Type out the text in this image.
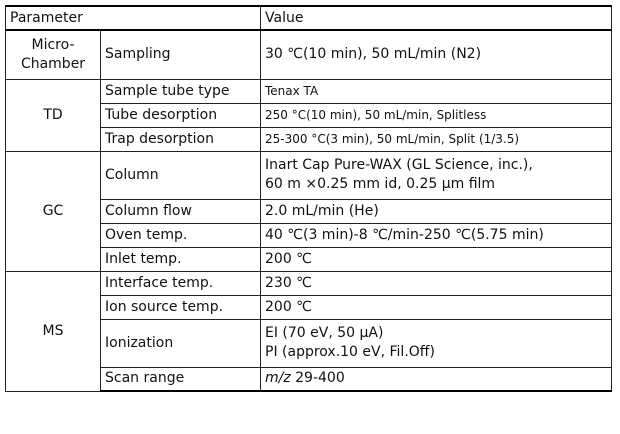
Parameter		Value

Micro-
Chamber	Sampling	30 ℃(10 min), 50 mL/min (N2)
TD	Sample tube type	Tenax TA
	Tube desorption	250 °C(10 min), 50 mL/min, Splitless
	Trap desorption	25-300 °C(3 min), 50 mL/min, Split (1/3.5)
GC	Column	Inart Cap Pure-WAX (GL Science, inc.),
60 m ×0.25 mm id, 0.25 μm film

	Column flow	2.0 mL/min (He)
	Oven temp.	40 ℃(3 min)-8 ℃/min-250 ℃(5.75 min)
	Inlet temp.	200 ℃
MS	Interface temp.	230 ℃
	Ion source temp.	200 ℃
	Ionization	EI (70 eV, 50 μA)
PI (approx.10 eV, Fil.Off)

	Scan range	m/z 29-400
